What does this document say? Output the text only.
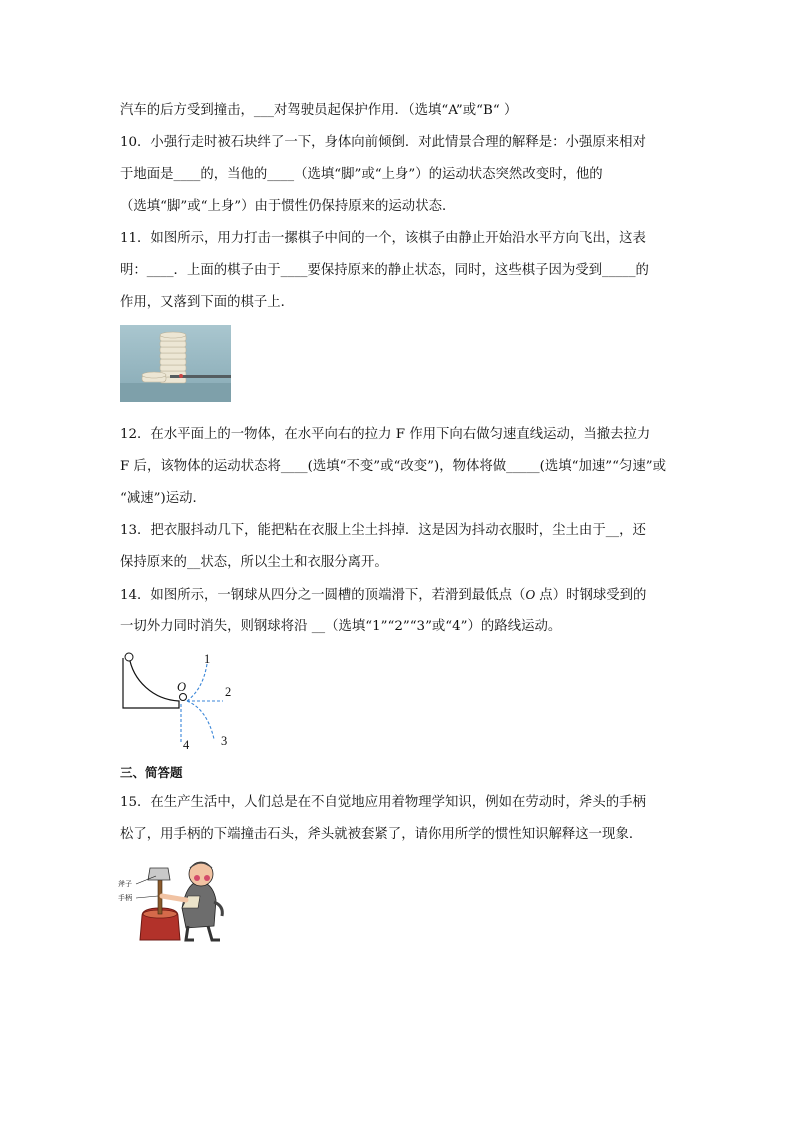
汽车的后方受到撞击，___对驾驶员起保护作用．（选填“A”或“B“ ）
10．小强行走时被石块绊了一下，身体向前倾倒．对此情景合理的解释是：小强原来相对
于地面是____的，当他的____（选填“脚”或“上身”）的运动状态突然改变时，他的
（选填“脚”或“上身”）由于惯性仍保持原来的运动状态．
11．如图所示，用力打击一摞棋子中间的一个，该棋子由静止开始沿水平方向飞出，这表
明：____．上面的棋子由于____要保持原来的静止状态，同时，这些棋子因为受到_____的
作用，又落到下面的棋子上．
12．在水平面上的一物体，在水平向右的拉力 F 作用下向右做匀速直线运动，当撤去拉力
F 后，该物体的运动状态将____(选填“不变”或“改变”)，物体将做_____(选填“加速”“匀速”或
“减速”)运动．
13．把衣服抖动几下，能把粘在衣服上尘土抖掉．这是因为抖动衣服时，尘土由于__，还
保持原来的__状态，所以尘土和衣服分离开。
14．如图所示，一钢球从四分之一圆槽的顶端滑下，若滑到最低点（O 点）时钢球受到的
一切外力同时消失，则钢球将沿 __（选填“1”“2”“3”或“4”）的路线运动。
O
1
2
3
4
三、简答题
15．在生产生活中，人们总是在不自觉地应用着物理学知识，例如在劳动时，斧头的手柄
松了，用手柄的下端撞击石头，斧头就被套紧了，请你用所学的惯性知识解释这一现象．
斧子
手柄
